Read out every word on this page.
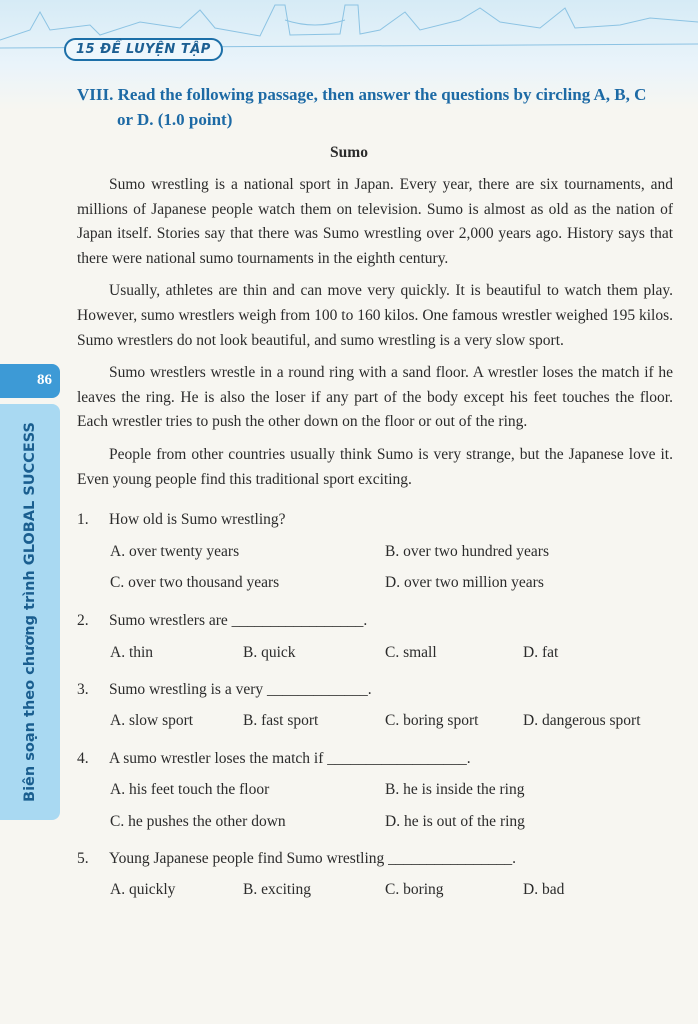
15 ĐỀ LUYỆN TẬP
VIII. Read the following passage, then answer the questions by circling A, B, C
or D. (1.0 point)
Sumo

Sumo wrestling is a national sport in Japan. Every year, there are six tournaments, and millions of Japanese people watch them on television. Sumo is almost as old as the nation of Japan itself. Stories say that there was Sumo wrestling over 2,000 years ago. History says that there were national sumo tournaments in the eighth century.

Usually, athletes are thin and can move very quickly. It is beautiful to watch them play. However, sumo wrestlers weigh from 100 to 160 kilos. One famous wrestler weighed 195 kilos. Sumo wrestlers do not look beautiful, and sumo wrestling is a very slow sport.

Sumo wrestlers wrestle in a round ring with a sand floor. A wrestler loses the match if he leaves the ring. He is also the loser if any part of the body except his feet touches the floor. Each wrestler tries to push the other down on the floor or out of the ring.

People from other countries usually think Sumo is very strange, but the Japanese love it. Even young people find this traditional sport exciting.

86
Biên soạn theo chương trình GLOBAL SUCCESS	1. How old is Sumo wrestling?
A. over twenty years	B. over two hundred years
C. over two thousand years	D. over two million years
2. Sumo wrestlers are _________________.
A. thin	B. quick	C. small	D. fat
3. Sumo wrestling is a very _____________.
A. slow sport	B. fast sport	C. boring sport	D. dangerous sport
4. A sumo wrestler loses the match if __________________.
A. his feet touch the floor	B. he is inside the ring
C. he pushes the other down	D. he is out of the ring
5. Young Japanese people find Sumo wrestling ________________.
A. quickly	B. exciting	C. boring	D. bad
